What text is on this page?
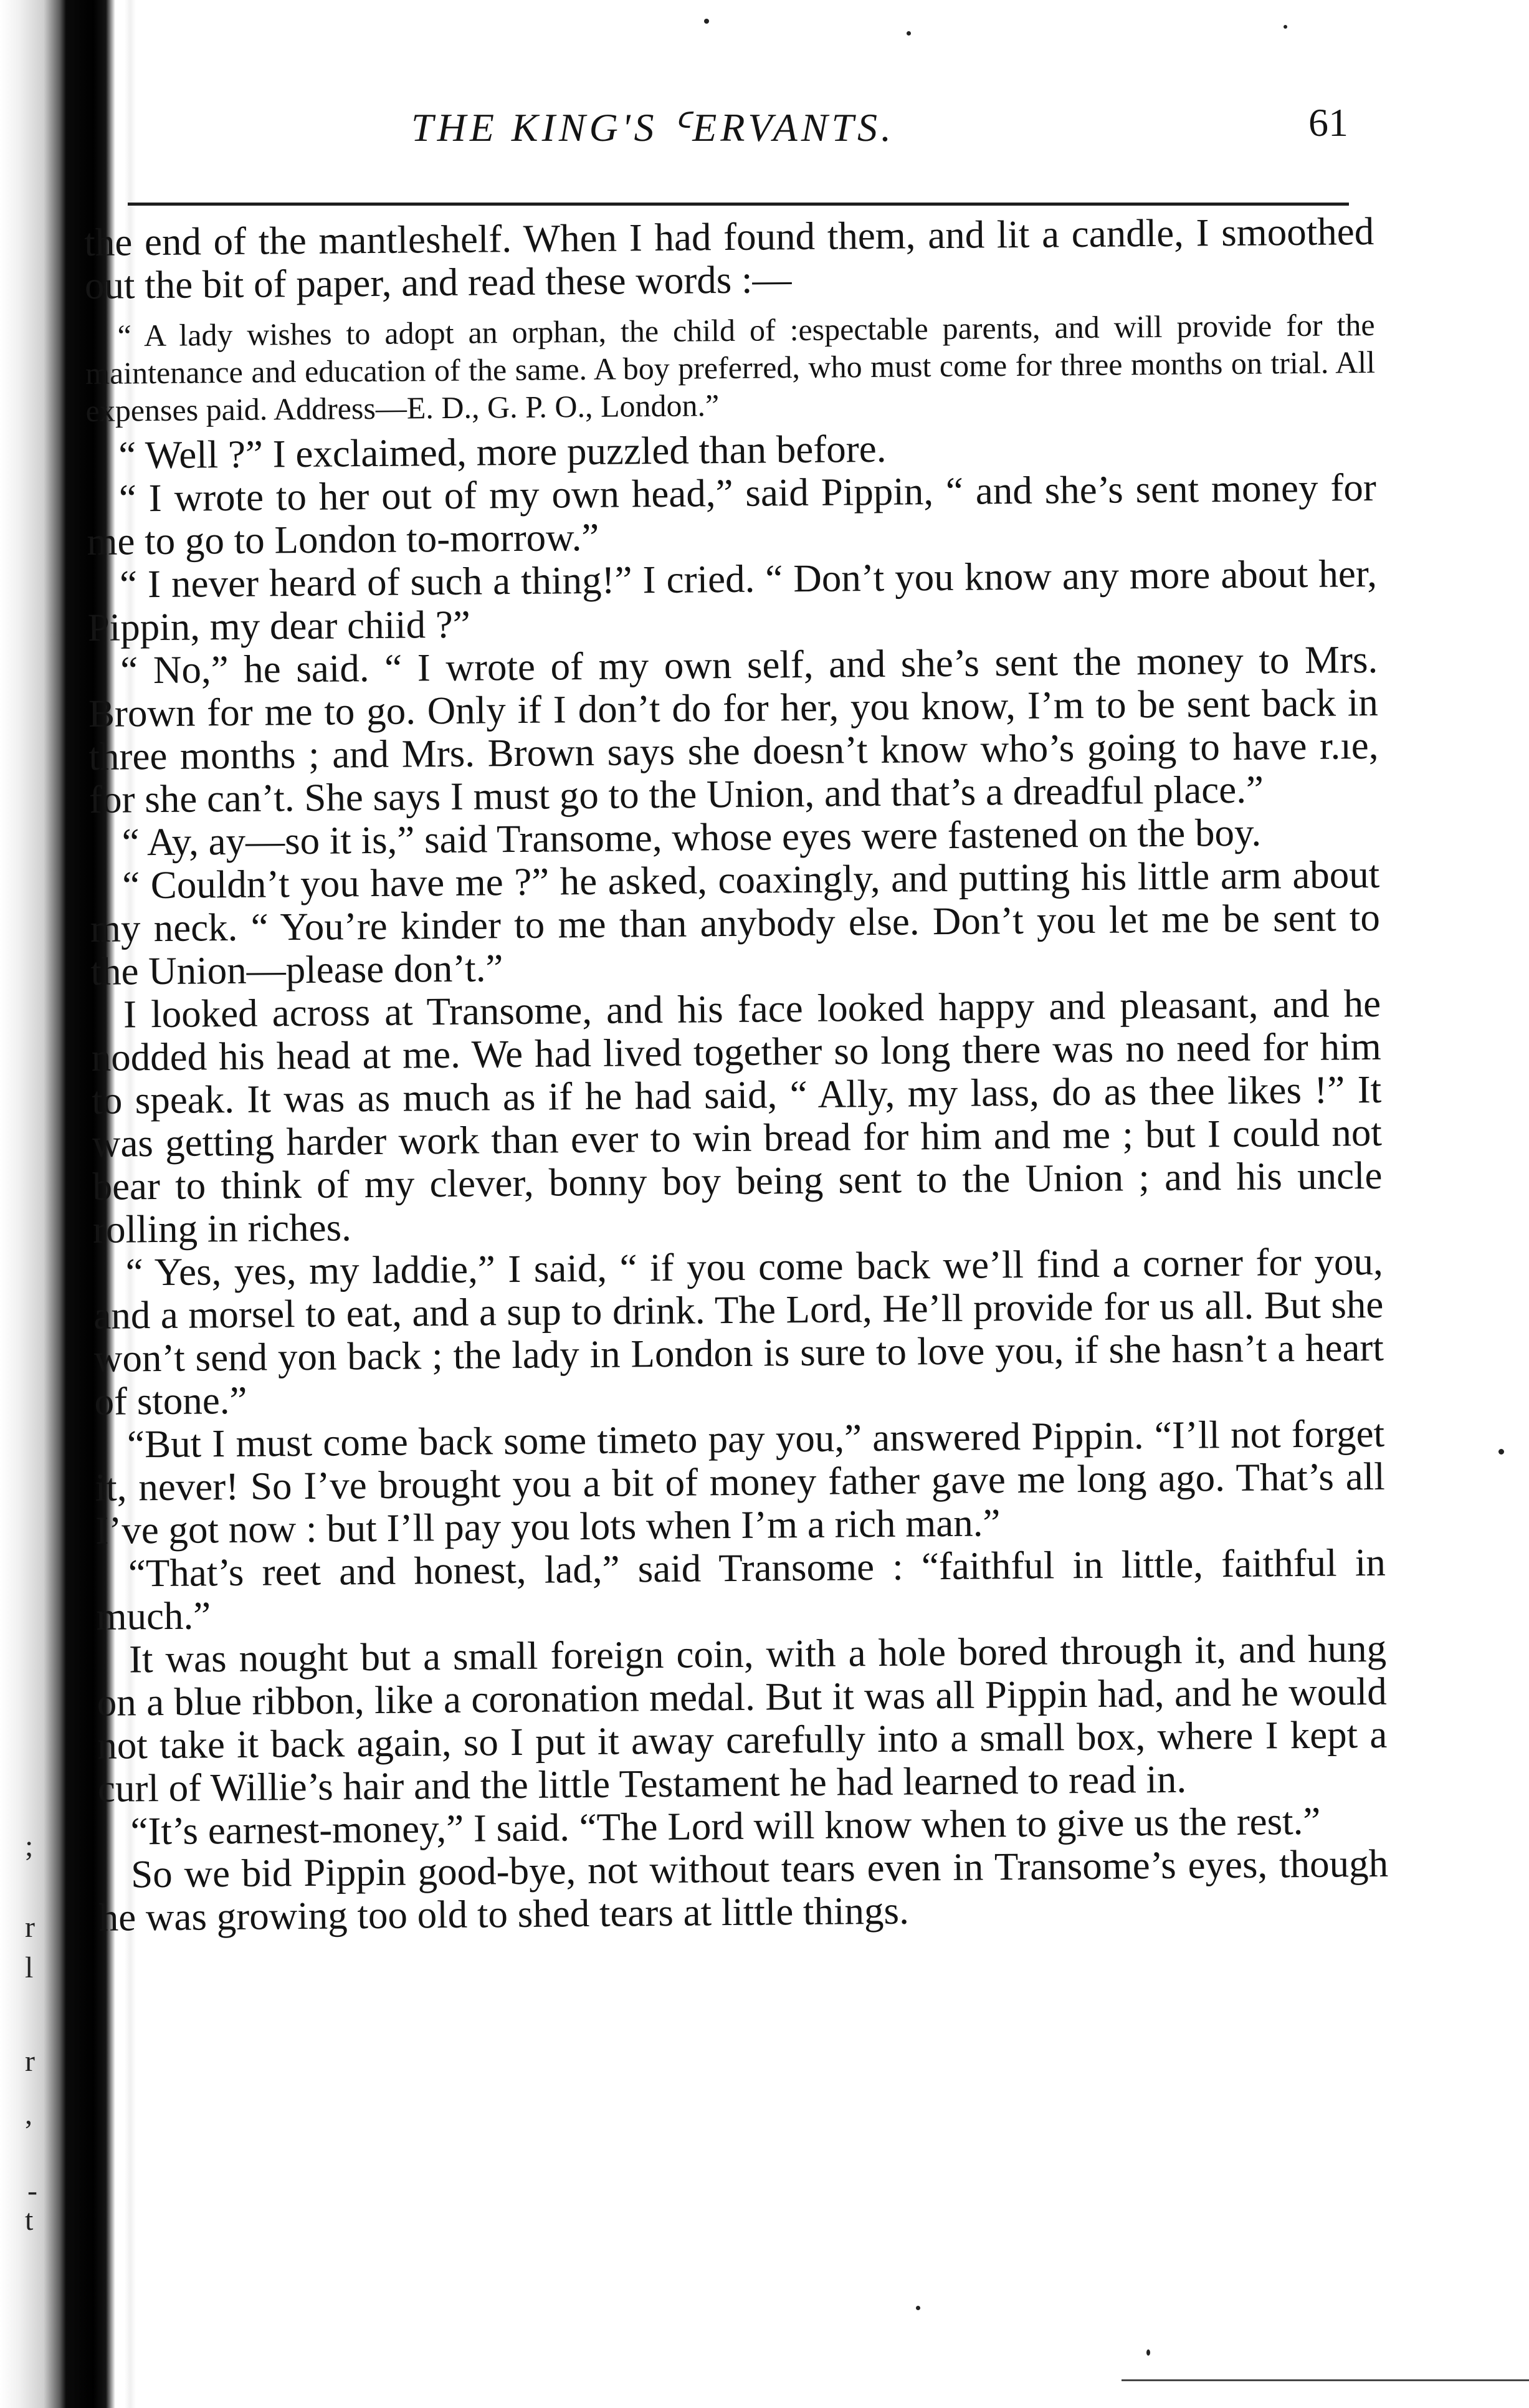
THE KING'S ᑦERVANTS.	61

the end of the mantleshelf. When I had found them, and lit a candle, I smoothed out the bit of paper, and read these words :—

“ A lady wishes to adopt an orphan, the child of :espectable parents, and will provide for the maintenance and education of the same. A boy preferred, who must come for three months on trial. All expenses paid. Address—E. D., G. P. O., London.”

“ Well ?” I exclaimed, more puzzled than before.

“ I wrote to her out of my own head,” said Pippin, “ and she’s sent money for me to go to London to-morrow.”

“ I never heard of such a thing!” I cried. “ Don’t you know any more about her, Pippin, my dear chiid ?”

“ No,” he said. “ I wrote of my own self, and she’s sent the money to Mrs. Brown for me to go. Only if I don’t do for her, you know, I’m to be sent back in three months ; and Mrs. Brown says she doesn’t know who’s going to have r.ıe, for she can’t. She says I must go to the Union, and that’s a dreadful place.”

“ Ay, ay—so it is,” said Transome, whose eyes were fastened on the boy.

“ Couldn’t you have me ?” he asked, coaxingly, and putting his little arm about my neck. “ You’re kinder to me than anybody else. Don’t you let me be sent to the Union—please don’t.”

I looked across at Transome, and his face looked happy and pleasant, and he nodded his head at me. We had lived together so long there was no need for him to speak. It was as much as if he had said, “ Ally, my lass, do as thee likes !” It was getting harder work than ever to win bread for him and me ; but I could not bear to think of my clever, bonny boy being sent to the Union ; and his uncle rolling in riches.

“ Yes, yes, my laddie,” I said, “ if you come back we’ll find a corner for you, and a morsel to eat, and a sup to drink. The Lord, He’ll provide for us all. But she won’t send yon back ; the lady in London is sure to love you, if she hasn’t a heart of stone.”

“But I must come back some timeto pay you,” answered Pippin. “I’ll not forget it, never! So I’ve brought you a bit of money father gave me long ago. That’s all I’ve got now : but I’ll pay you lots when I’m a rich man.”

“That’s reet and honest, lad,” said Transome : “faithful in little, faithful in much.”

It was nought but a small foreign coin, with a hole bored through it, and hung on a blue ribbon, like a coronation medal. But it was all Pippin had, and he would not take it back again, so I put it away carefully into a small box, where I kept a curl of Willie’s hair and the little Testament he had learned to read in.

“It’s earnest-money,” I said. “The Lord will know when to give us the rest.”

So we bid Pippin good-bye, not without tears even in Transome’s eyes, though he was growing too old to shed tears at little things.

;
r
l
r
,
-
t
